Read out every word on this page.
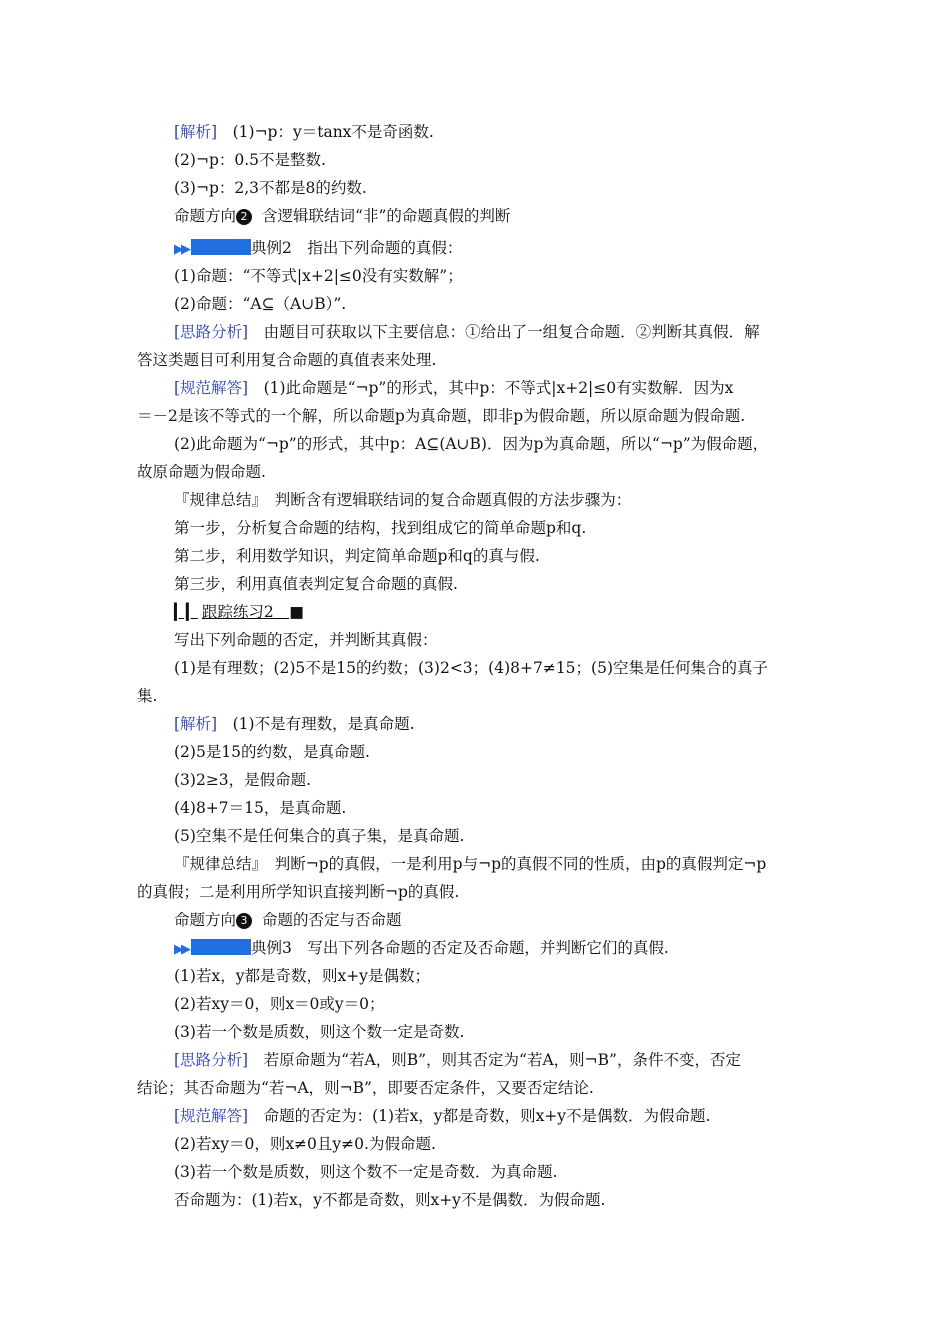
[解析]　(1)¬p：y＝tanx不是奇函数.
(2)¬p：0.5不是整数.
(3)¬p：2,3不都是8的约数.
命题方向 2 含逻辑联结词“非”的命题真假的判断
▶▶	典例2　指出下列命题的真假：
(1)命题：“不等式|x+2|≤0没有实数解”；
(2)命题：“A⊆（A∪B）”.
[思路分析]　由题目可获取以下主要信息：①给出了一组复合命题．②判断其真假．解
答这类题目可利用复合命题的真值表来处理.
[规范解答]　(1)此命题是“¬p”的形式，其中p：不等式|x+2|≤0有实数解．因为x
＝－2是该不等式的一个解，所以命题p为真命题，即非p为假命题，所以原命题为假命题.
(2)此命题为“¬p”的形式，其中p：A⊆(A∪B)．因为p为真命题，所以“¬p”为假命题，
故原命题为假命题.
『规律总结』　判断含有逻辑联结词的复合命题真假的方法步骤为：
第一步，分析复合命题的结构，找到组成它的简单命题p和q.
第二步，利用数学知识，判定简单命题p和q的真与假.
第三步，利用真值表判定复合命题的真假.
▎▎ 跟踪练习2　 ■
写出下列命题的否定，并判断其真假：
(1)是有理数；(2)5不是15的约数；(3)2<3；(4)8+7≠15；(5)空集是任何集合的真子
集.
[解析]　(1)不是有理数，是真命题.
(2)5是15的约数，是真命题.
(3)2≥3，是假命题.
(4)8+7＝15，是真命题.
(5)空集不是任何集合的真子集，是真命题.
『规律总结』　判断¬p的真假，一是利用p与¬p的真假不同的性质，由p的真假判定¬p
的真假；二是利用所学知识直接判断¬p的真假.
命题方向 3 命题的否定与否命题
▶▶	典例3　写出下列各命题的否定及否命题，并判断它们的真假.
(1)若x，y都是奇数，则x+y是偶数；
(2)若xy＝0，则x＝0或y＝0；
(3)若一个数是质数，则这个数一定是奇数.
[思路分析]　若原命题为“若A，则B”，则其否定为“若A，则¬B”，条件不变，否定
结论；其否命题为“若¬A，则¬B”，即要否定条件，又要否定结论.
[规范解答]　命题的否定为：(1)若x，y都是奇数，则x+y不是偶数．为假命题.
(2)若xy＝0，则x≠0且y≠0.为假命题.
(3)若一个数是质数，则这个数不一定是奇数．为真命题.
否命题为：(1)若x，y不都是奇数，则x+y不是偶数．为假命题.
